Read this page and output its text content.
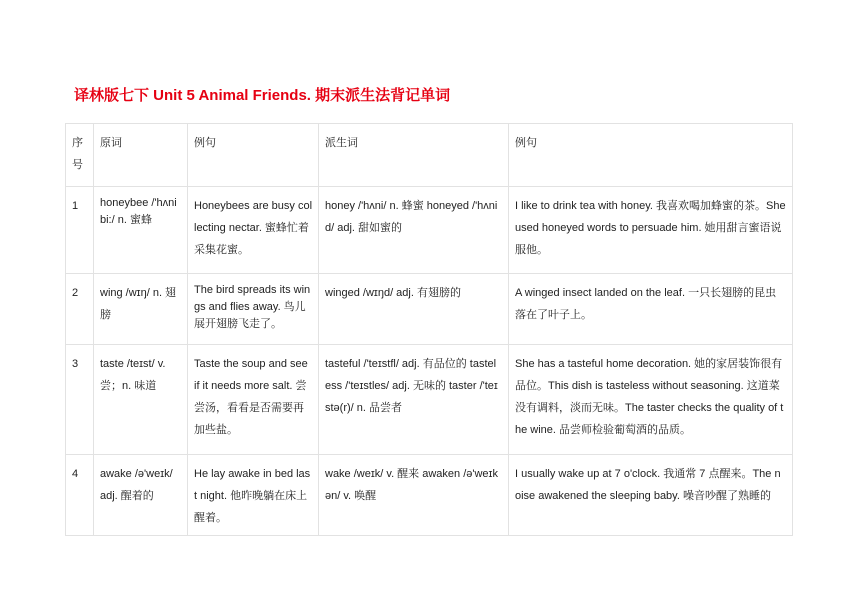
译林版七下 Unit 5 Animal Friends. 期末派生法背记单词
序号	原词	例句	派生词	例句
1	honeybee /'hʌnibi:/ n. 蜜蜂	Honeybees are busy collecting nectar. 蜜蜂忙着采集花蜜。	honey /'hʌni/ n. 蜂蜜 honeyed /'hʌnid/ adj. 甜如蜜的	I like to drink tea with honey. 我喜欢喝加蜂蜜的茶。She used honeyed words to persuade him. 她用甜言蜜语说服他。
2	wing /wɪŋ/ n. 翅膀	The bird spreads its wings and flies away. 鸟儿展开翅膀飞走了。	winged /wɪŋd/ adj. 有翅膀的	A winged insect landed on the leaf. 一只长翅膀的昆虫落在了叶子上。
3	taste /teɪst/ v. 尝；n. 味道	Taste the soup and see if it needs more salt. 尝尝汤，看看是否需要再加些盐。	tasteful /'teɪstfl/ adj. 有品位的 tasteless /'teɪstles/ adj. 无味的 taster /'teɪstə(r)/ n. 品尝者	She has a tasteful home decoration. 她的家居装饰很有品位。This dish is tasteless without seasoning. 这道菜没有调料，淡而无味。The taster checks the quality of the wine. 品尝师检验葡萄酒的品质。
4	awake /ə'weɪk/ adj. 醒着的	He lay awake in bed last night. 他昨晚躺在床上醒着。	wake /weɪk/ v. 醒来 awaken /ə'weɪkən/ v. 唤醒	I usually wake up at 7 o'clock. 我通常 7 点醒来。The noise awakened the sleeping baby. 噪音吵醒了熟睡的
